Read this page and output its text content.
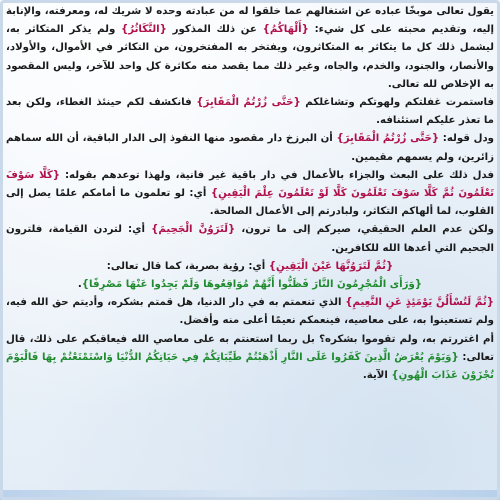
يقول تعالى موبخًا عباده عن اشتغالهم عما خلقوا له من عبادته وحده لا شريك له، ومعرفته، والإنابة إليه، وتقديم محبته على كل شيء: {أَلْهَاكُمُ} عن ذلك المذكور {التَّكَاثُرُ} ولم يذكر المتكاثر به، ليشمل ذلك كل ما يتكاثر به المتكاثرون، ويفتخر به المفتخرون، من التكاثر في الأموال، والأولاد، والأنصار، والجنود، والخدم، والجاه، وغير ذلك مما يقصد منه مكاثرة كل واحد للآخر، وليس المقصود به الإخلاص لله تعالى.

فاستمرت غفلتكم ولهوتكم وتشاغلكم {حَتَّى زُرْتُمُ الْمَقَابِرَ} فانكشف لكم حينئذ الغطاء، ولكن بعد ما تعذر عليكم استئنافه.

ودل قوله: {حَتَّى زُرْتُمُ الْمَقَابِرَ} أن البرزخ دار مقصود منها النفوذ إلى الدار الباقية، أن الله سماهم زائرين، ولم يسمهم مقيمين.

فدل ذلك على البعث والجزاء بالأعمال في دار باقية غير فانية، ولهذا توعدهم بقوله: {كَلَّا سَوْفَ تَعْلَمُونَ ثُمَّ كَلَّا سَوْفَ تَعْلَمُونَ كَلَّا لَوْ تَعْلَمُونَ عِلْمَ الْيَقِينِ} أي: لو تعلمون ما أمامكم علمًا يصل إلى القلوب، لما ألهاكم التكاثر، ولبادرتم إلى الأعمال الصالحة.

ولكن عدم العلم الحقيقي، صيركم إلى ما ترون، {لَتَرَوُنَّ الْجَحِيمَ} أي: لتردن القيامة، فلترون الجحيم التي أعدها الله للكافرين.

{ثُمَّ لَتَرَوُنَّهَا عَيْنَ الْيَقِينِ} أي: رؤية بصرية، كما قال تعالى:

{وَرَأَى الْمُجْرِمُونَ النَّارَ فَظَنُّوا أَنَّهُمْ مُوَاقِعُوهَا وَلَمْ يَجِدُوا عَنْهَا مَصْرِفًا}.

{ثُمَّ لَتُسْأَلُنَّ يَوْمَئِذٍ عَنِ النَّعِيمِ} الذي تنعمتم به في دار الدنيا، هل قمتم بشكره، وأديتم حق الله فيه، ولم تستعينوا به، على معاصيه، فينعمكم نعيمًا أعلى منه وأفضل.

أم اغتررتم به، ولم تقوموا بشكره؟ بل ربما استعنتم به على معاصي الله فيعاقبكم على ذلك، قال تعالى: {وَيَوْمَ يُعْرَضُ الَّذِينَ كَفَرُوا عَلَى النَّارِ أَذْهَبْتُمْ طَيِّبَاتِكُمْ فِي حَيَاتِكُمُ الدُّنْيَا وَاسْتَمْتَعْتُمْ بِهَا فَالْيَوْمَ تُجْزَوْنَ عَذَابَ الْهُونِ} الآية.
